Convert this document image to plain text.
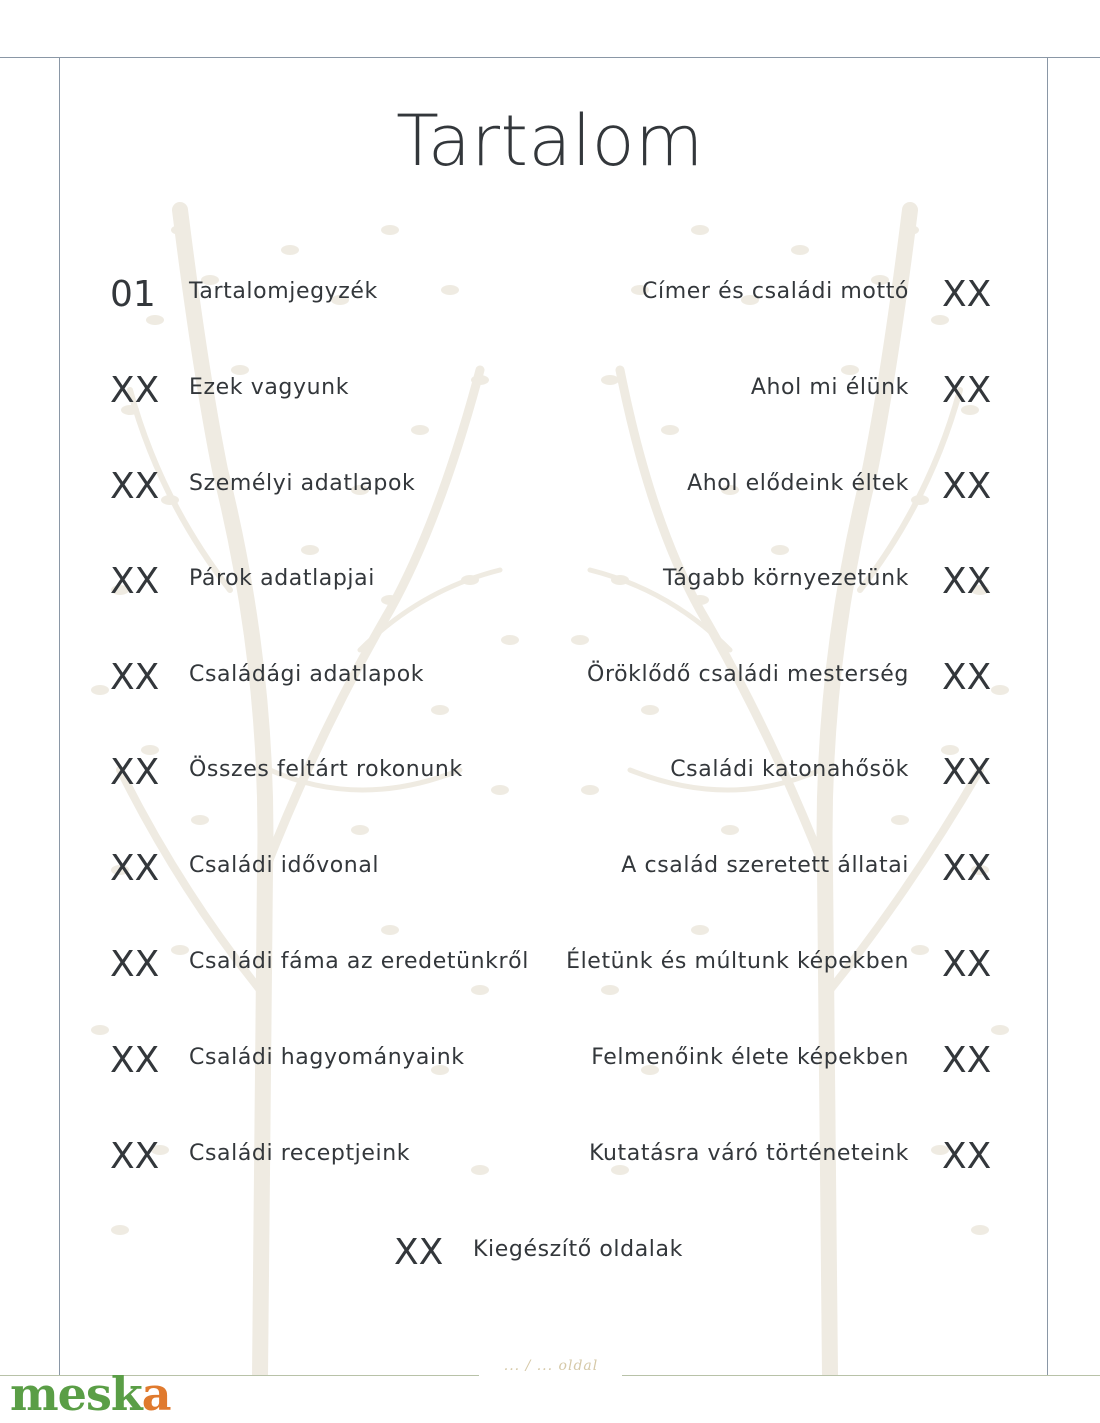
Tartalom
01 Tartalomjegyzék
XX Ezek vagyunk
XX Személyi adatlapok
XX Párok adatlapjai
XX Családági adatlapok
XX Összes feltárt rokonunk
XX Családi idővonal
XX Családi fáma az eredetünkről
XX Családi hagyományaink
XX Családi receptjeink
Címer és családi mottó XX
Ahol mi élünk XX
Ahol elődeink éltek XX
Tágabb környezetünk XX
Öröklődő családi mesterség XX
Családi katonahősök XX
A család szeretett állatai XX
Életünk és múltunk képekben XX
Felmenőink élete képekben XX
Kutatásra váró történeteink XX
XX Kiegészítő oldalak
... / ... oldal
meska
